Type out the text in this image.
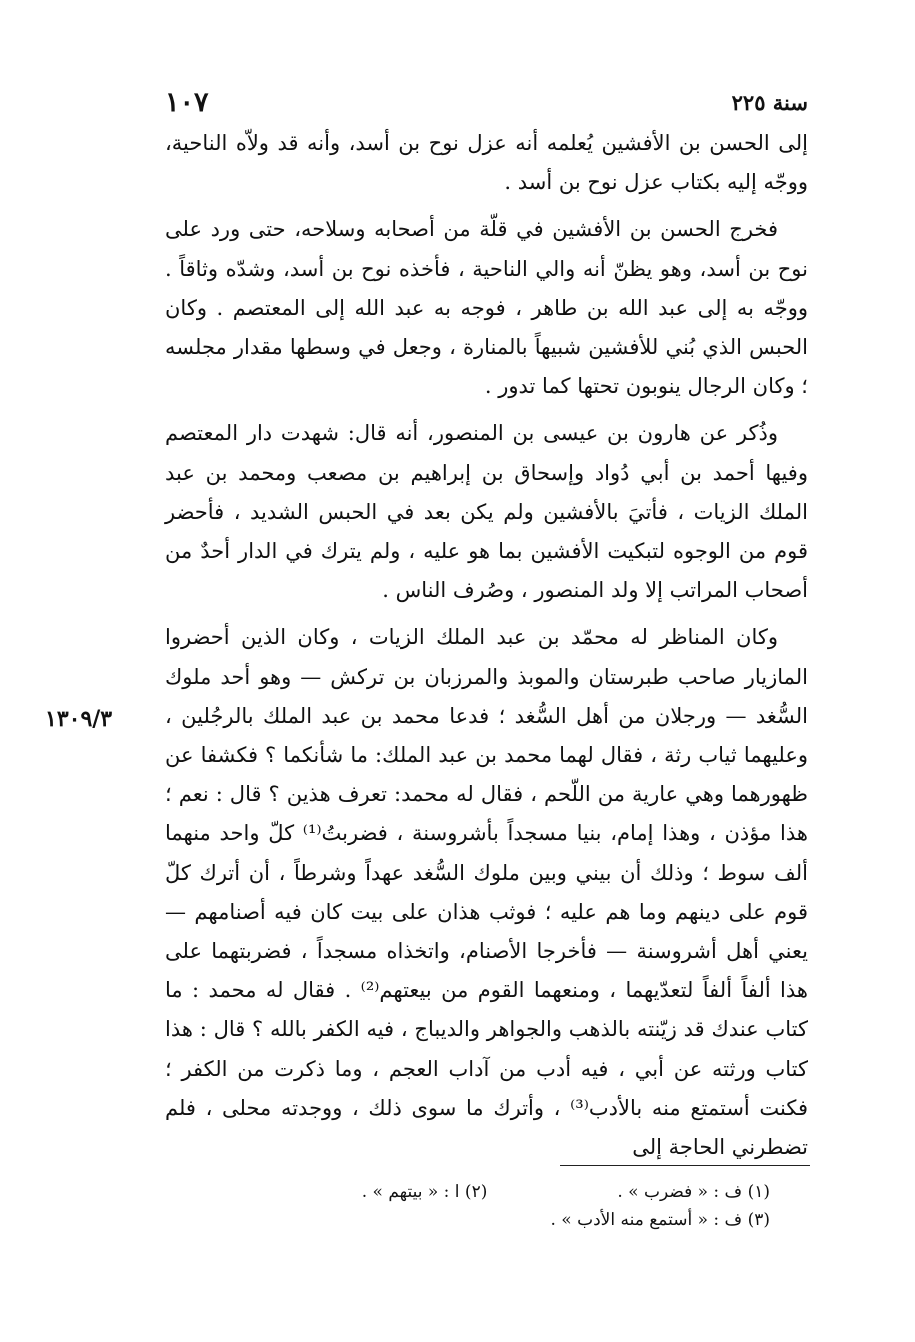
سنة ٢٢٥
١٠٧

إلى الحسن بن الأفشين يُعلمه أنه عزل نوح بن أسد، وأنه قد ولاّه الناحية، ووجّه إليه بكتاب عزل نوح بن أسد .

فخرج الحسن بن الأفشين في قلّة من أصحابه وسلاحه، حتى ورد على نوح بن أسد، وهو يظنّ أنه والي الناحية ، فأخذه نوح بن أسد، وشدّه وثاقاً . ووجّه به إلى عبد الله بن طاهر ، فوجه به عبد الله إلى المعتصم . وكان الحبس الذي بُني للأفشين شبيهاً بالمنارة ، وجعل في وسطها مقدار مجلسه ؛ وكان الرجال ينوبون تحتها كما تدور .

وذُكر عن هارون بن عيسى بن المنصور، أنه قال: شهدت دار المعتصم وفيها أحمد بن أبي دُواد وإسحاق بن إبراهيم بن مصعب ومحمد بن عبد الملك الزيات ، فأتيَ بالأفشين ولم يكن بعد في الحبس الشديد ، فأحضر قوم من الوجوه لتبكيت الأفشين بما هو عليه ، ولم يترك في الدار أحدٌ من أصحاب المراتب إلا ولد المنصور ، وصُرف الناس .

وكان المناظر له محمّد بن عبد الملك الزيات ، وكان الذين أحضروا المازيار صاحب طبرستان والموبذ والمرزبان بن تركش — وهو أحد ملوك السُّغد — ورجلان من أهل السُّغد ؛ فدعا محمد بن عبد الملك بالرجُلين ، وعليهما ثياب رثة ، فقال لهما محمد بن عبد الملك: ما شأنكما ؟ فكشفا عن ظهورهما وهي عارية من اللّحم ، فقال له محمد: تعرف هذين ؟ قال : نعم ؛ هذا مؤذن ، وهذا إمام، بنيا مسجداً بأشروسنة ، فضربتُ⁽¹⁾ كلّ واحد منهما ألف سوط ؛ وذلك أن بيني وبين ملوك السُّغد عهداً وشرطاً ، أن أترك كلّ قوم على دينهم وما هم عليه ؛ فوثب هذان على بيت كان فيه أصنامهم — يعني أهل أشروسنة — فأخرجا الأصنام، واتخذاه مسجداً ، فضربتهما على هذا ألفاً ألفاً لتعدّيهما ، ومنعهما القوم من بيعتهم⁽²⁾ . فقال له محمد : ما كتاب عندك قد زيّنته بالذهب والجواهر والديباج ، فيه الكفر بالله ؟ قال : هذا كتاب ورثته عن أبي ، فيه أدب من آداب العجم ، وما ذكرت من الكفر ؛ فكنت أستمتع منه بالأدب⁽³⁾ ، وأترك ما سوى ذلك ، ووجدته محلى ، فلم تضطرني الحاجة إلى

١٣٠٩/٣
(١) ف : « فضرب » .
(٢) ا : « بيتهم » .
(٣) ف : « أستمع منه الأدب » .
